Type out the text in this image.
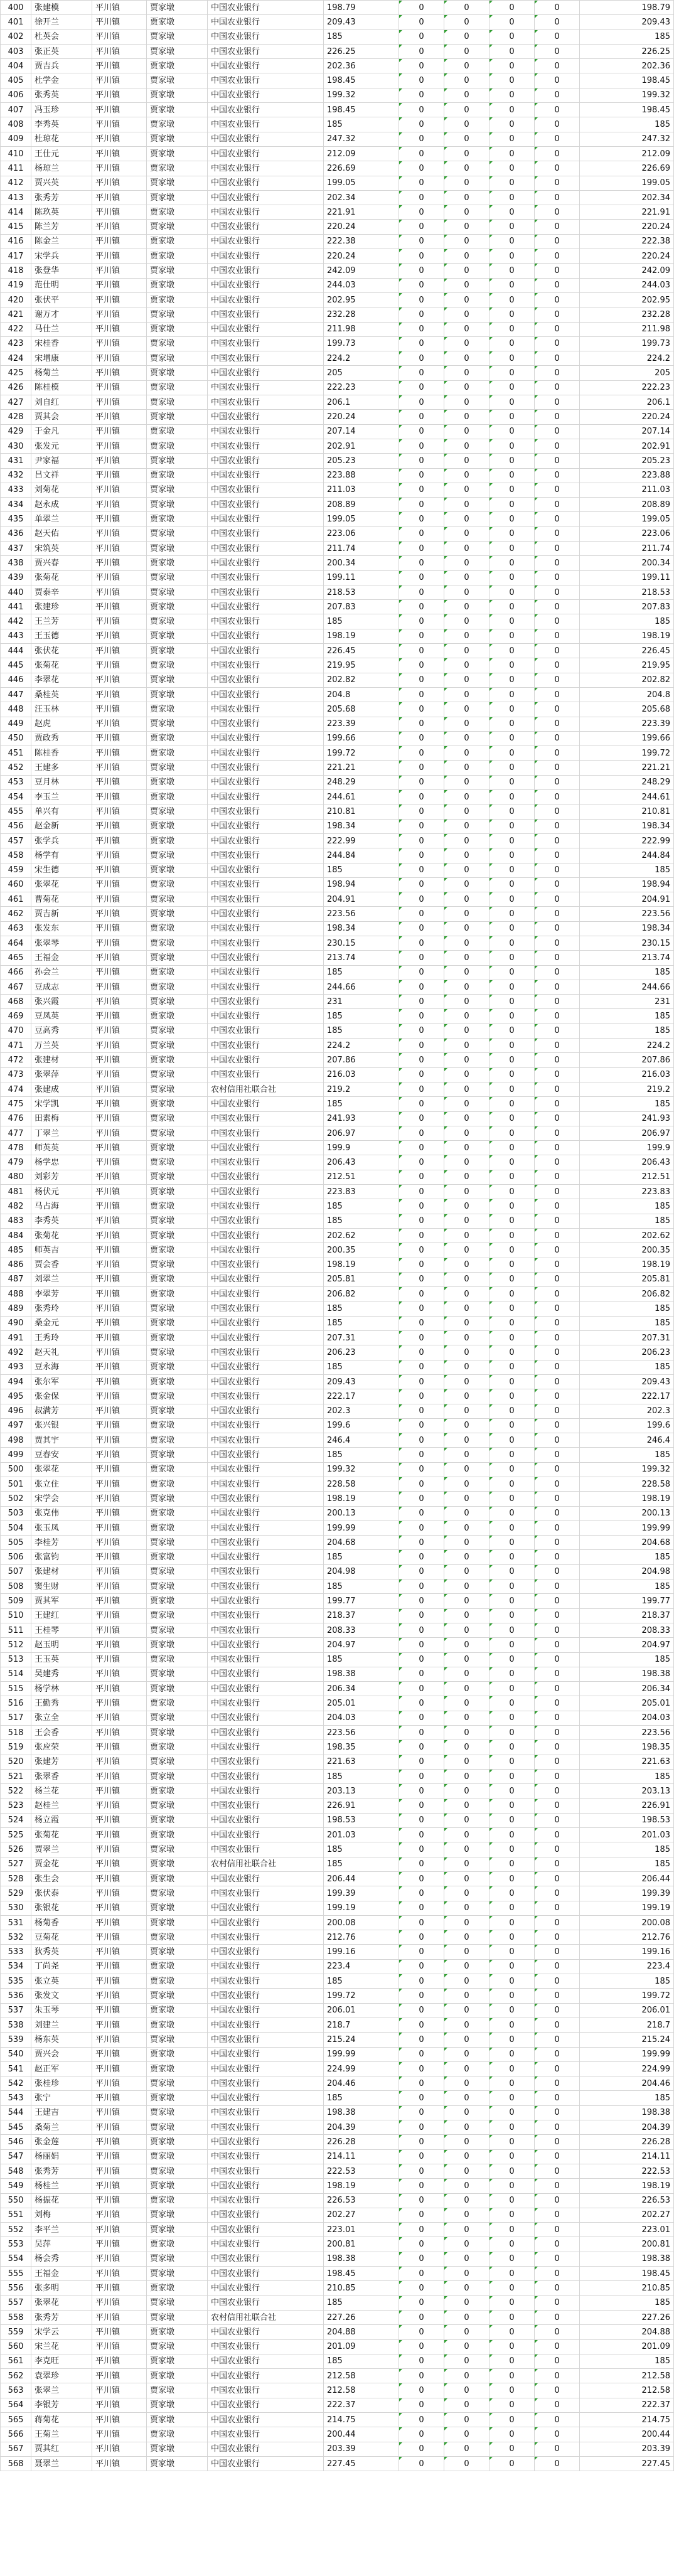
400	张建模	平川镇	贾家墩	中国农业银行	198.79	0	0	0	0	198.79
401	徐开兰	平川镇	贾家墩	中国农业银行	209.43	0	0	0	0	209.43
402	杜英会	平川镇	贾家墩	中国农业银行	185	0	0	0	0	185
403	张正英	平川镇	贾家墩	中国农业银行	226.25	0	0	0	0	226.25
404	贾吉兵	平川镇	贾家墩	中国农业银行	202.36	0	0	0	0	202.36
405	杜学金	平川镇	贾家墩	中国农业银行	198.45	0	0	0	0	198.45
406	张秀英	平川镇	贾家墩	中国农业银行	199.32	0	0	0	0	199.32
407	冯玉珍	平川镇	贾家墩	中国农业银行	198.45	0	0	0	0	198.45
408	李秀英	平川镇	贾家墩	中国农业银行	185	0	0	0	0	185
409	杜琼花	平川镇	贾家墩	中国农业银行	247.32	0	0	0	0	247.32
410	王仕元	平川镇	贾家墩	中国农业银行	212.09	0	0	0	0	212.09
411	杨琼兰	平川镇	贾家墩	中国农业银行	226.69	0	0	0	0	226.69
412	贾兴英	平川镇	贾家墩	中国农业银行	199.05	0	0	0	0	199.05
413	张秀芳	平川镇	贾家墩	中国农业银行	202.34	0	0	0	0	202.34
414	陈玖英	平川镇	贾家墩	中国农业银行	221.91	0	0	0	0	221.91
415	陈兰芳	平川镇	贾家墩	中国农业银行	220.24	0	0	0	0	220.24
416	陈金兰	平川镇	贾家墩	中国农业银行	222.38	0	0	0	0	222.38
417	宋学兵	平川镇	贾家墩	中国农业银行	220.24	0	0	0	0	220.24
418	张登华	平川镇	贾家墩	中国农业银行	242.09	0	0	0	0	242.09
419	范仕明	平川镇	贾家墩	中国农业银行	244.03	0	0	0	0	244.03
420	张伏平	平川镇	贾家墩	中国农业银行	202.95	0	0	0	0	202.95
421	谢万才	平川镇	贾家墩	中国农业银行	232.28	0	0	0	0	232.28
422	马仕兰	平川镇	贾家墩	中国农业银行	211.98	0	0	0	0	211.98
423	宋桂香	平川镇	贾家墩	中国农业银行	199.73	0	0	0	0	199.73
424	宋增康	平川镇	贾家墩	中国农业银行	224.2	0	0	0	0	224.2
425	杨菊兰	平川镇	贾家墩	中国农业银行	205	0	0	0	0	205
426	陈桂模	平川镇	贾家墩	中国农业银行	222.23	0	0	0	0	222.23
427	刘自红	平川镇	贾家墩	中国农业银行	206.1	0	0	0	0	206.1
428	贾其会	平川镇	贾家墩	中国农业银行	220.24	0	0	0	0	220.24
429	于金凡	平川镇	贾家墩	中国农业银行	207.14	0	0	0	0	207.14
430	张发元	平川镇	贾家墩	中国农业银行	202.91	0	0	0	0	202.91
431	尹家福	平川镇	贾家墩	中国农业银行	205.23	0	0	0	0	205.23
432	吕文祥	平川镇	贾家墩	中国农业银行	223.88	0	0	0	0	223.88
433	刘菊花	平川镇	贾家墩	中国农业银行	211.03	0	0	0	0	211.03
434	赵永成	平川镇	贾家墩	中国农业银行	208.89	0	0	0	0	208.89
435	单翠兰	平川镇	贾家墩	中国农业银行	199.05	0	0	0	0	199.05
436	赵天佑	平川镇	贾家墩	中国农业银行	223.06	0	0	0	0	223.06
437	宋筑英	平川镇	贾家墩	中国农业银行	211.74	0	0	0	0	211.74
438	贾兴春	平川镇	贾家墩	中国农业银行	200.34	0	0	0	0	200.34
439	张菊花	平川镇	贾家墩	中国农业银行	199.11	0	0	0	0	199.11
440	贾泰辛	平川镇	贾家墩	中国农业银行	218.53	0	0	0	0	218.53
441	张建珍	平川镇	贾家墩	中国农业银行	207.83	0	0	0	0	207.83
442	王兰芳	平川镇	贾家墩	中国农业银行	185	0	0	0	0	185
443	王玉德	平川镇	贾家墩	中国农业银行	198.19	0	0	0	0	198.19
444	张伏花	平川镇	贾家墩	中国农业银行	226.45	0	0	0	0	226.45
445	张菊花	平川镇	贾家墩	中国农业银行	219.95	0	0	0	0	219.95
446	李翠花	平川镇	贾家墩	中国农业银行	202.82	0	0	0	0	202.82
447	桑桂英	平川镇	贾家墩	中国农业银行	204.8	0	0	0	0	204.8
448	汪玉林	平川镇	贾家墩	中国农业银行	205.68	0	0	0	0	205.68
449	赵虎	平川镇	贾家墩	中国农业银行	223.39	0	0	0	0	223.39
450	贾政秀	平川镇	贾家墩	中国农业银行	199.66	0	0	0	0	199.66
451	陈桂香	平川镇	贾家墩	中国农业银行	199.72	0	0	0	0	199.72
452	王建多	平川镇	贾家墩	中国农业银行	221.21	0	0	0	0	221.21
453	豆月林	平川镇	贾家墩	中国农业银行	248.29	0	0	0	0	248.29
454	李玉兰	平川镇	贾家墩	中国农业银行	244.61	0	0	0	0	244.61
455	单兴有	平川镇	贾家墩	中国农业银行	210.81	0	0	0	0	210.81
456	赵金新	平川镇	贾家墩	中国农业银行	198.34	0	0	0	0	198.34
457	张学兵	平川镇	贾家墩	中国农业银行	222.99	0	0	0	0	222.99
458	杨学有	平川镇	贾家墩	中国农业银行	244.84	0	0	0	0	244.84
459	宋生德	平川镇	贾家墩	中国农业银行	185	0	0	0	0	185
460	张翠花	平川镇	贾家墩	中国农业银行	198.94	0	0	0	0	198.94
461	曹菊花	平川镇	贾家墩	中国农业银行	204.91	0	0	0	0	204.91
462	贾吉新	平川镇	贾家墩	中国农业银行	223.56	0	0	0	0	223.56
463	张发东	平川镇	贾家墩	中国农业银行	198.34	0	0	0	0	198.34
464	张翠琴	平川镇	贾家墩	中国农业银行	230.15	0	0	0	0	230.15
465	王福金	平川镇	贾家墩	中国农业银行	213.74	0	0	0	0	213.74
466	孙会兰	平川镇	贾家墩	中国农业银行	185	0	0	0	0	185
467	豆成志	平川镇	贾家墩	中国农业银行	244.66	0	0	0	0	244.66
468	张兴霞	平川镇	贾家墩	中国农业银行	231	0	0	0	0	231
469	豆凤英	平川镇	贾家墩	中国农业银行	185	0	0	0	0	185
470	豆高秀	平川镇	贾家墩	中国农业银行	185	0	0	0	0	185
471	万兰英	平川镇	贾家墩	中国农业银行	224.2	0	0	0	0	224.2
472	张建材	平川镇	贾家墩	中国农业银行	207.86	0	0	0	0	207.86
473	张翠萍	平川镇	贾家墩	中国农业银行	216.03	0	0	0	0	216.03
474	张建成	平川镇	贾家墩	农村信用社联合社	219.2	0	0	0	0	219.2
475	宋学凯	平川镇	贾家墩	中国农业银行	185	0	0	0	0	185
476	田素梅	平川镇	贾家墩	中国农业银行	241.93	0	0	0	0	241.93
477	丁翠兰	平川镇	贾家墩	中国农业银行	206.97	0	0	0	0	206.97
478	师英英	平川镇	贾家墩	中国农业银行	199.9	0	0	0	0	199.9
479	杨学忠	平川镇	贾家墩	中国农业银行	206.43	0	0	0	0	206.43
480	刘彩芳	平川镇	贾家墩	中国农业银行	212.51	0	0	0	0	212.51
481	杨伏元	平川镇	贾家墩	中国农业银行	223.83	0	0	0	0	223.83
482	马占海	平川镇	贾家墩	中国农业银行	185	0	0	0	0	185
483	李秀英	平川镇	贾家墩	中国农业银行	185	0	0	0	0	185
484	张菊花	平川镇	贾家墩	中国农业银行	202.62	0	0	0	0	202.62
485	师英吉	平川镇	贾家墩	中国农业银行	200.35	0	0	0	0	200.35
486	贾会香	平川镇	贾家墩	中国农业银行	198.19	0	0	0	0	198.19
487	刘翠兰	平川镇	贾家墩	中国农业银行	205.81	0	0	0	0	205.81
488	李翠芳	平川镇	贾家墩	中国农业银行	206.82	0	0	0	0	206.82
489	张秀玲	平川镇	贾家墩	中国农业银行	185	0	0	0	0	185
490	桑金元	平川镇	贾家墩	中国农业银行	185	0	0	0	0	185
491	王秀玲	平川镇	贾家墩	中国农业银行	207.31	0	0	0	0	207.31
492	赵天礼	平川镇	贾家墩	中国农业银行	206.23	0	0	0	0	206.23
493	豆永海	平川镇	贾家墩	中国农业银行	185	0	0	0	0	185
494	张尔军	平川镇	贾家墩	中国农业银行	209.43	0	0	0	0	209.43
495	张金保	平川镇	贾家墩	中国农业银行	222.17	0	0	0	0	222.17
496	叔满芳	平川镇	贾家墩	中国农业银行	202.3	0	0	0	0	202.3
497	张兴银	平川镇	贾家墩	中国农业银行	199.6	0	0	0	0	199.6
498	贾其宇	平川镇	贾家墩	中国农业银行	246.4	0	0	0	0	246.4
499	豆春安	平川镇	贾家墩	中国农业银行	185	0	0	0	0	185
500	张翠花	平川镇	贾家墩	中国农业银行	199.32	0	0	0	0	199.32
501	张立住	平川镇	贾家墩	中国农业银行	228.58	0	0	0	0	228.58
502	宋学会	平川镇	贾家墩	中国农业银行	198.19	0	0	0	0	198.19
503	张克伟	平川镇	贾家墩	中国农业银行	200.13	0	0	0	0	200.13
504	张玉凤	平川镇	贾家墩	中国农业银行	199.99	0	0	0	0	199.99
505	李桂芳	平川镇	贾家墩	中国农业银行	204.68	0	0	0	0	204.68
506	张富钧	平川镇	贾家墩	中国农业银行	185	0	0	0	0	185
507	张建材	平川镇	贾家墩	中国农业银行	204.98	0	0	0	0	204.98
508	窦生财	平川镇	贾家墩	中国农业银行	185	0	0	0	0	185
509	贾其军	平川镇	贾家墩	中国农业银行	199.77	0	0	0	0	199.77
510	王建红	平川镇	贾家墩	中国农业银行	218.37	0	0	0	0	218.37
511	王桂琴	平川镇	贾家墩	中国农业银行	208.33	0	0	0	0	208.33
512	赵玉明	平川镇	贾家墩	中国农业银行	204.97	0	0	0	0	204.97
513	王玉英	平川镇	贾家墩	中国农业银行	185	0	0	0	0	185
514	吴建秀	平川镇	贾家墩	中国农业银行	198.38	0	0	0	0	198.38
515	杨学林	平川镇	贾家墩	中国农业银行	206.34	0	0	0	0	206.34
516	王勤秀	平川镇	贾家墩	中国农业银行	205.01	0	0	0	0	205.01
517	张立全	平川镇	贾家墩	中国农业银行	204.03	0	0	0	0	204.03
518	王会香	平川镇	贾家墩	中国农业银行	223.56	0	0	0	0	223.56
519	张应荣	平川镇	贾家墩	中国农业银行	198.35	0	0	0	0	198.35
520	张建芳	平川镇	贾家墩	中国农业银行	221.63	0	0	0	0	221.63
521	张翠香	平川镇	贾家墩	中国农业银行	185	0	0	0	0	185
522	杨兰花	平川镇	贾家墩	中国农业银行	203.13	0	0	0	0	203.13
523	赵桂兰	平川镇	贾家墩	中国农业银行	226.91	0	0	0	0	226.91
524	杨立霞	平川镇	贾家墩	中国农业银行	198.53	0	0	0	0	198.53
525	张菊花	平川镇	贾家墩	中国农业银行	201.03	0	0	0	0	201.03
526	贾翠兰	平川镇	贾家墩	中国农业银行	185	0	0	0	0	185
527	贾金花	平川镇	贾家墩	农村信用社联合社	185	0	0	0	0	185
528	张生会	平川镇	贾家墩	中国农业银行	206.44	0	0	0	0	206.44
529	张伏泰	平川镇	贾家墩	中国农业银行	199.39	0	0	0	0	199.39
530	张银花	平川镇	贾家墩	中国农业银行	199.19	0	0	0	0	199.19
531	杨菊香	平川镇	贾家墩	中国农业银行	200.08	0	0	0	0	200.08
532	豆菊花	平川镇	贾家墩	中国农业银行	212.76	0	0	0	0	212.76
533	狄秀英	平川镇	贾家墩	中国农业银行	199.16	0	0	0	0	199.16
534	丁尚尧	平川镇	贾家墩	中国农业银行	223.4	0	0	0	0	223.4
535	张立英	平川镇	贾家墩	中国农业银行	185	0	0	0	0	185
536	张发文	平川镇	贾家墩	中国农业银行	199.72	0	0	0	0	199.72
537	朱玉琴	平川镇	贾家墩	中国农业银行	206.01	0	0	0	0	206.01
538	刘建兰	平川镇	贾家墩	中国农业银行	218.7	0	0	0	0	218.7
539	杨东英	平川镇	贾家墩	中国农业银行	215.24	0	0	0	0	215.24
540	贾兴会	平川镇	贾家墩	中国农业银行	199.99	0	0	0	0	199.99
541	赵正军	平川镇	贾家墩	中国农业银行	224.99	0	0	0	0	224.99
542	张桂珍	平川镇	贾家墩	中国农业银行	204.46	0	0	0	0	204.46
543	张宁	平川镇	贾家墩	中国农业银行	185	0	0	0	0	185
544	王建吉	平川镇	贾家墩	中国农业银行	198.38	0	0	0	0	198.38
545	桑菊兰	平川镇	贾家墩	中国农业银行	204.39	0	0	0	0	204.39
546	张金莲	平川镇	贾家墩	中国农业银行	226.28	0	0	0	0	226.28
547	杨丽娟	平川镇	贾家墩	中国农业银行	214.11	0	0	0	0	214.11
548	张秀芳	平川镇	贾家墩	中国农业银行	222.53	0	0	0	0	222.53
549	杨桂兰	平川镇	贾家墩	中国农业银行	198.19	0	0	0	0	198.19
550	杨振花	平川镇	贾家墩	中国农业银行	226.53	0	0	0	0	226.53
551	刘梅	平川镇	贾家墩	中国农业银行	202.27	0	0	0	0	202.27
552	李平兰	平川镇	贾家墩	中国农业银行	223.01	0	0	0	0	223.01
553	吴萍	平川镇	贾家墩	中国农业银行	200.81	0	0	0	0	200.81
554	杨会秀	平川镇	贾家墩	中国农业银行	198.38	0	0	0	0	198.38
555	王福金	平川镇	贾家墩	中国农业银行	198.45	0	0	0	0	198.45
556	张多明	平川镇	贾家墩	中国农业银行	210.85	0	0	0	0	210.85
557	张翠花	平川镇	贾家墩	中国农业银行	185	0	0	0	0	185
558	张秀芳	平川镇	贾家墩	农村信用社联合社	227.26	0	0	0	0	227.26
559	宋学云	平川镇	贾家墩	中国农业银行	204.88	0	0	0	0	204.88
560	宋兰花	平川镇	贾家墩	中国农业银行	201.09	0	0	0	0	201.09
561	李克旺	平川镇	贾家墩	中国农业银行	185	0	0	0	0	185
562	袁翠珍	平川镇	贾家墩	中国农业银行	212.58	0	0	0	0	212.58
563	张翠兰	平川镇	贾家墩	中国农业银行	212.58	0	0	0	0	212.58
564	李银芳	平川镇	贾家墩	中国农业银行	222.37	0	0	0	0	222.37
565	蒋菊花	平川镇	贾家墩	中国农业银行	214.75	0	0	0	0	214.75
566	王菊兰	平川镇	贾家墩	中国农业银行	200.44	0	0	0	0	200.44
567	贾其红	平川镇	贾家墩	中国农业银行	203.39	0	0	0	0	203.39
568	聂翠兰	平川镇	贾家墩	中国农业银行	227.45	0	0	0	0	227.45
